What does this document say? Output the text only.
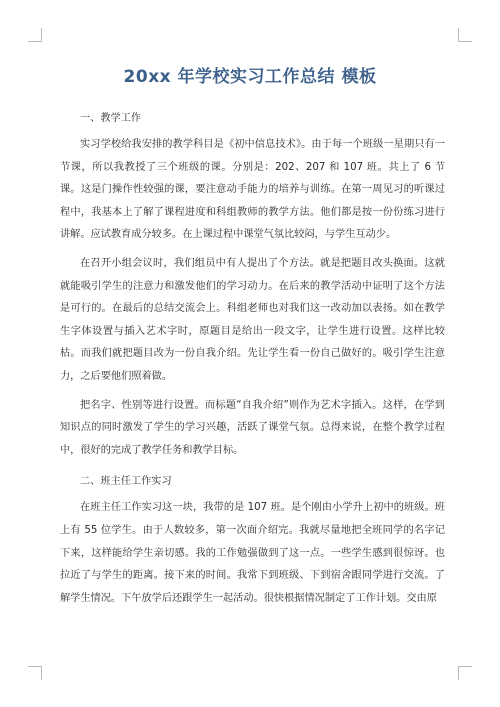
20xx 年学校实习工作总结 模板

一、教学工作

实习学校给我安排的教学科目是《初中信息技术》。由于每一个班级一星期只有一节课，所以我教授了三个班级的课。分别是：202、207 和 107 班。共上了 6 节课。这是门操作性较强的课，要注意动手能力的培养与训练。在第一周见习的听课过程中，我基本上了解了课程进度和科组教师的教学方法。他们都是按一份份练习进行讲解。应试教育成分较多。在上课过程中课堂气氛比较闷，与学生互动少。

在召开小组会议时，我们组员中有人提出了个方法。就是把题目改头换面。这就就能吸引学生的注意力和激发他们的学习动力。在后来的教学活动中证明了这个方法是可行的。在最后的总结交流会上。科组老师也对我们这一改动加以表扬。如在教学生字体设置与插入艺术字时，原题目是给出一段文字，让学生进行设置。这样比较枯。而我们就把题目改为一份自我介绍。先让学生看一份自己做好的。吸引学生注意力，之后要他们照着做。

把名字、性别等进行设置。而标题“自我介绍”则作为艺术字插入。这样，在学到知识点的同时激发了学生的学习兴趣，活跃了课堂气氛。总得来说，在整个教学过程中，很好的完成了教学任务和教学目标。

二、班主任工作实习

在班主任工作实习这一块，我带的是 107 班。是个刚由小学升上初中的班级。班上有 55 位学生。由于人数较多，第一次面介绍完。我就尽量地把全班同学的名字记下来，这样能给学生亲切感。我的工作勉强做到了这一点。一些学生感到很惊讶。也拉近了与学生的距离。接下来的时间。我常下到班级、下到宿舍跟同学进行交流。了解学生情况。下午放学后还跟学生一起活动。很快根据情况制定了工作计划。交由原
